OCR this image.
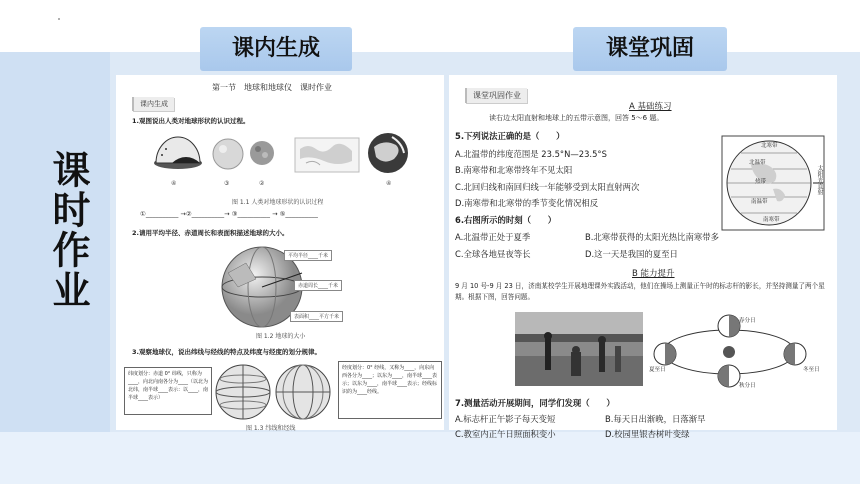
课时作业
课内生成	课堂巩固
第一节　地球和地球仪　课时作业
课内生成
1.观图说出人类对地球形状的认识过程。
④	③	②	④
图 1.1 人类对地球形状的认识过程
①__________ →②__________→ ③__________ → ⑤__________
2.请用平均半径、赤道周长和表面积描述地球的大小。
平均半径____千米
赤道周长____千米
表面积____平方千米
图 1.2 地球的大小
3.观察地球仪，说出纬线与经线的特点及纬度与经度的划分规律。
纬度划分：赤道 0° 纬线，只称为____，向北向南各分为____（以北为北纬，南半球____表示：以____，南半球____表示）
经度划分：0° 经线，又称为____，向东向西各分为____；以东为____，南半球____表示；以东为____，南半球____表示；经线标识的为____经线。
图 1.3 纬线和经线
课堂巩固作业
A 基础练习
读右边太阳直射和地球上的五带示意图，回答 5～6 题。
5.下列说法正确的是（　　）
A.北温带的纬度范围是 23.5°N—23.5°S
B.南寒带和北寒带终年不见太阳
C.北回归线和南回归线一年能够受到太阳直射两次
D.南寒带和北寒带的季节变化情况相反
北寒带
北温带
热带
南温带
南寒带
太阳光直射
6.右图所示的时刻（　　）
A.北温带正处于夏季	B.北寒带获得的太阳光热比南寒带多
C.全球各地昼夜等长	D.这一天是我国的夏至日
B 能力提升
9 月 10 号-9 月 23 日，济南某校学生开展地理课外实践活动，他们在操场上测量正午时的标志杆的影长，并坚持测量了两个星期。根据下图，回答问题。
春分日
夏至日	冬至日
秋分日
7.测量活动开展期间，同学们发现（　　）
A.标志杆正午影子每天变短	B.每天日出渐晚，日落渐早
C.教室内正午日照面积变小	D.校园里银杏树叶变绿
